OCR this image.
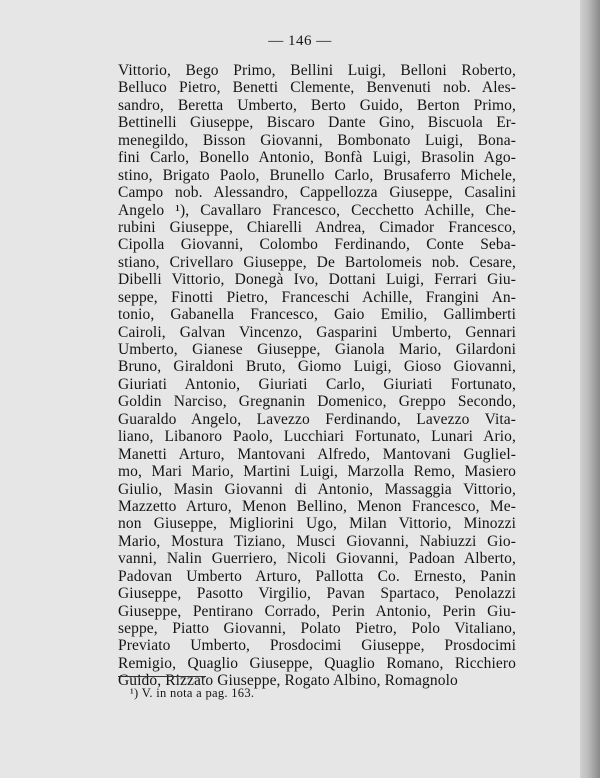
— 146 —
Vittorio, Bego Primo, Bellini Luigi, Belloni Roberto,
Belluco Pietro, Benetti Clemente, Benvenuti nob. Ales-
sandro, Beretta Umberto, Berto Guido, Berton Primo,
Bettinelli Giuseppe, Biscaro Dante Gino, Biscuola Er-
menegildo, Bisson Giovanni, Bombonato Luigi, Bona-
fini Carlo, Bonello Antonio, Bonfà Luigi, Brasolin Ago-
stino, Brigato Paolo, Brunello Carlo, Brusaferro Michele,
Campo nob. Alessandro, Cappellozza Giuseppe, Casalini
Angelo ¹), Cavallaro Francesco, Cecchetto Achille, Che-
rubini Giuseppe, Chiarelli Andrea, Cimador Francesco,
Cipolla Giovanni, Colombo Ferdinando, Conte Seba-
stiano, Crivellaro Giuseppe, De Bartolomeis nob. Cesare,
Dibelli Vittorio, Donegà Ivo, Dottani Luigi, Ferrari Giu-
seppe, Finotti Pietro, Franceschi Achille, Frangini An-
tonio, Gabanella Francesco, Gaio Emilio, Gallimberti
Cairoli, Galvan Vincenzo, Gasparini Umberto, Gennari
Umberto, Gianese Giuseppe, Gianola Mario, Gilardoni
Bruno, Giraldoni Bruto, Giomo Luigi, Gioso Giovanni,
Giuriati Antonio, Giuriati Carlo, Giuriati Fortunato,
Goldin Narciso, Gregnanin Domenico, Greppo Secondo,
Guaraldo Angelo, Lavezzo Ferdinando, Lavezzo Vita-
liano, Libanoro Paolo, Lucchiari Fortunato, Lunari Ario,
Manetti Arturo, Mantovani Alfredo, Mantovani Gugliel-
mo, Mari Mario, Martini Luigi, Marzolla Remo, Masiero
Giulio, Masin Giovanni di Antonio, Massaggia Vittorio,
Mazzetto Arturo, Menon Bellino, Menon Francesco, Me-
non Giuseppe, Migliorini Ugo, Milan Vittorio, Minozzi
Mario, Mostura Tiziano, Musci Giovanni, Nabiuzzi Gio-
vanni, Nalin Guerriero, Nicoli Giovanni, Padoan Alberto,
Padovan Umberto Arturo, Pallotta Co. Ernesto, Panin
Giuseppe, Pasotto Virgilio, Pavan Spartaco, Penolazzi
Giuseppe, Pentirano Corrado, Perin Antonio, Perin Giu-
seppe, Piatto Giovanni, Polato Pietro, Polo Vitaliano,
Previato Umberto, Prosdocimi Giuseppe, Prosdocimi
Remigio, Quaglio Giuseppe, Quaglio Romano, Ricchiero
Guido, Rizzato Giuseppe, Rogato Albino, Romagnolo
¹) V. in nota a pag. 163.
